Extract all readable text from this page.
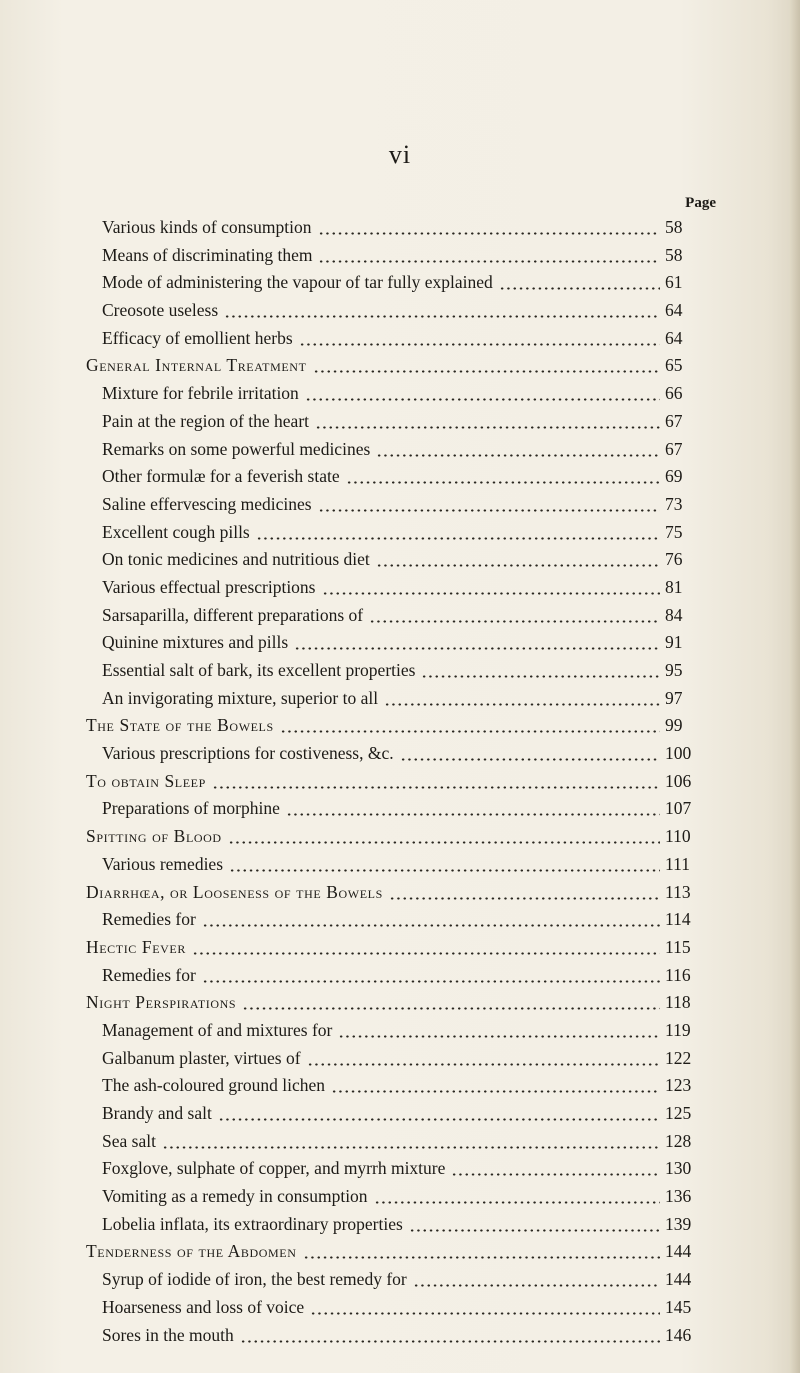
vi
Page
Various kinds of consumption	58
Means of discriminating them	58
Mode of administering the vapour of tar fully explained	61
Creosote useless	64
Efficacy of emollient herbs	64
General Internal Treatment	65
Mixture for febrile irritation	66
Pain at the region of the heart	67
Remarks on some powerful medicines	67
Other formulæ for a feverish state	69
Saline effervescing medicines	73
Excellent cough pills	75
On tonic medicines and nutritious diet	76
Various effectual prescriptions	81
Sarsaparilla, different preparations of	84
Quinine mixtures and pills	91
Essential salt of bark, its excellent properties	95
An invigorating mixture, superior to all	97
The State of the Bowels	99
Various prescriptions for costiveness, &c.	100
To obtain Sleep	106
Preparations of morphine	107
Spitting of Blood	110
Various remedies	111
Diarrhœa, or Looseness of the Bowels	113
Remedies for	114
Hectic Fever	115
Remedies for	116
Night Perspirations	118
Management of and mixtures for	119
Galbanum plaster, virtues of	122
The ash-coloured ground lichen	123
Brandy and salt	125
Sea salt	128
Foxglove, sulphate of copper, and myrrh mixture	130
Vomiting as a remedy in consumption	136
Lobelia inflata, its extraordinary properties	139
Tenderness of the Abdomen	144
Syrup of iodide of iron, the best remedy for	144
Hoarseness and loss of voice	145
Sores in the mouth	146
